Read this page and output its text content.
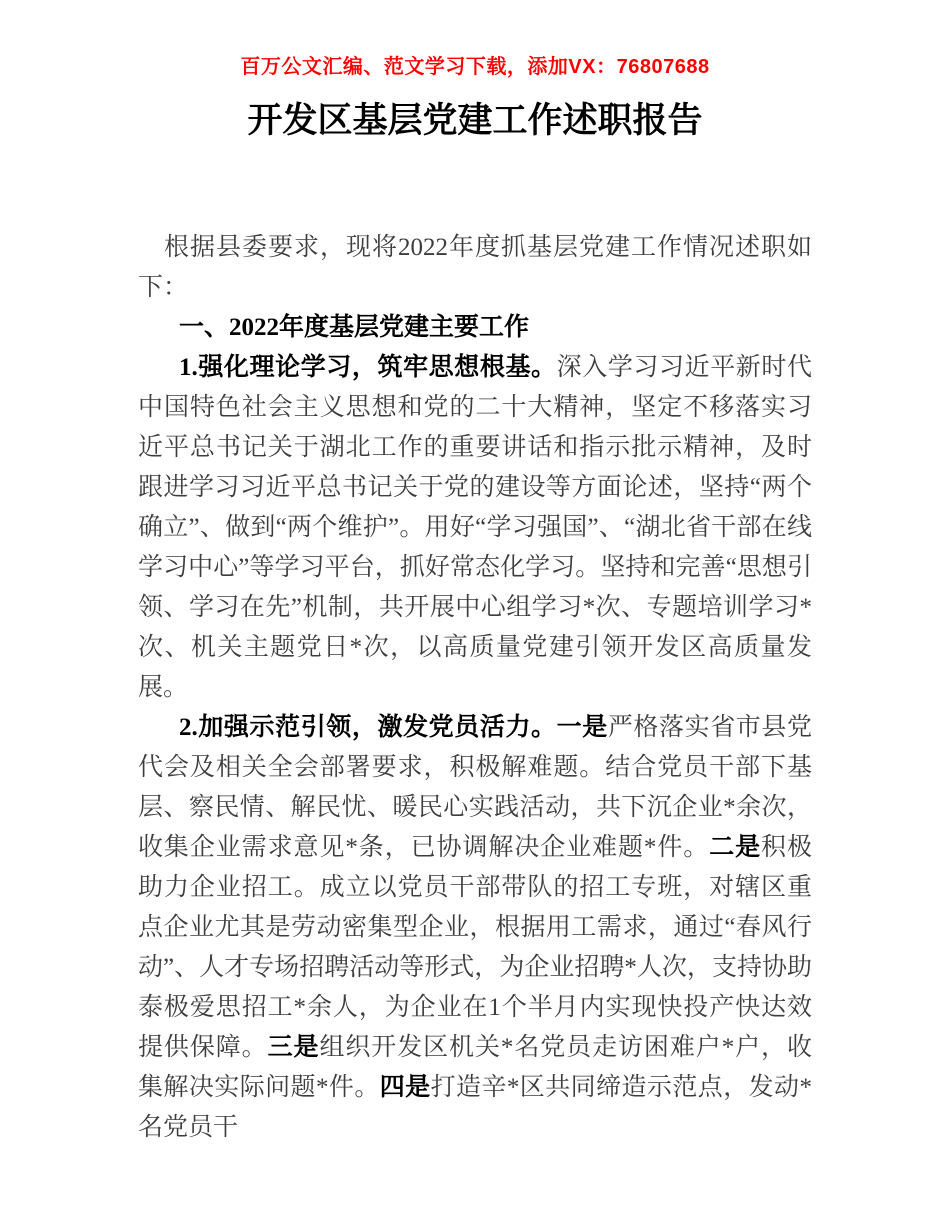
百万公文汇编、范文学习下载，添加VX：76807688
开发区基层党建工作述职报告

根据县委要求，现将2022年度抓基层党建工作情况述职如下：

一、2022年度基层党建主要工作

1.强化理论学习，筑牢思想根基。深入学习习近平新时代中国特色社会主义思想和党的二十大精神，坚定不移落实习近平总书记关于湖北工作的重要讲话和指示批示精神，及时跟进学习习近平总书记关于党的建设等方面论述，坚持“两个确立”、做到“两个维护”。用好“学习强国”、“湖北省干部在线学习中心”等学习平台，抓好常态化学习。坚持和完善“思想引领、学习在先”机制，共开展中心组学习*次、专题培训学习*次、机关主题党日*次，以高质量党建引领开发区高质量发展。

2.加强示范引领，激发党员活力。一是严格落实省市县党代会及相关全会部署要求，积极解难题。结合党员干部下基层、察民情、解民忧、暖民心实践活动，共下沉企业*余次，收集企业需求意见*条，已协调解决企业难题*件。二是积极助力企业招工。成立以党员干部带队的招工专班，对辖区重点企业尤其是劳动密集型企业，根据用工需求，通过“春风行动”、人才专场招聘活动等形式，为企业招聘*人次，支持协助泰极爱思招工*余人，为企业在1个半月内实现快投产快达效提供保障。三是组织开发区机关*名党员走访困难户*户，收集解决实际问题*件。四是打造辛*区共同缔造示范点，发动*名党员干
